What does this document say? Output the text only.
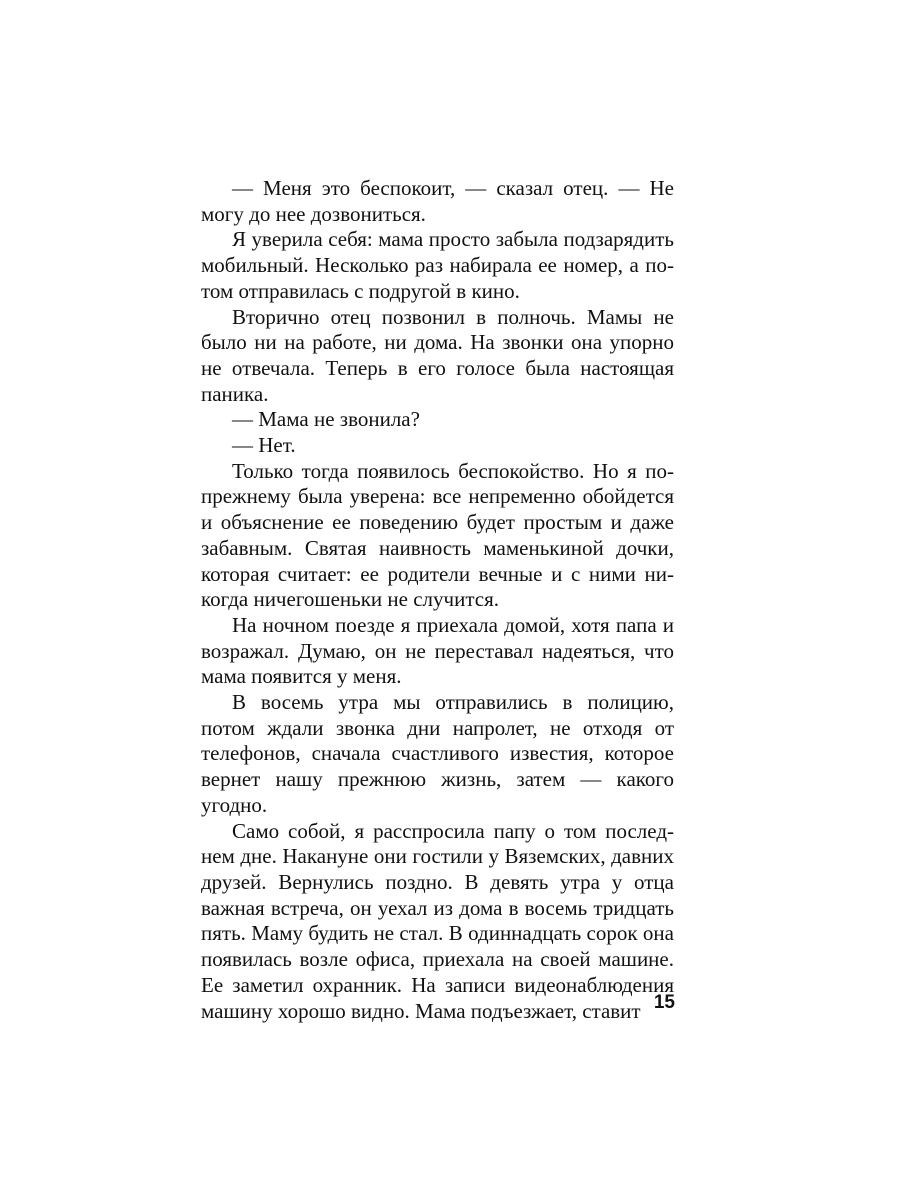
— Меня это беспокоит, — сказал отец. — Не могу до нее дозвониться.

Я уверила себя: мама просто забыла подзарядить мобильный. Несколько раз набирала ее номер, а потом отправилась с подругой в кино.

Вторично отец позвонил в полночь. Мамы не было ни на работе, ни дома. На звонки она упорно не отвечала. Теперь в его голосе была настоящая паника.

— Мама не звонила?

— Нет.

Только тогда появилось беспокойство. Но я попрежнему была уверена: все непременно обойдется и объяснение ее поведению будет простым и даже забавным. Святая наивность маменькиной дочки, которая считает: ее родители вечные и с ними никогда ничегошеньки не случится.

На ночном поезде я приехала домой, хотя папа и возражал. Думаю, он не переставал надеяться, что мама появится у меня.

В восемь утра мы отправились в полицию, потом ждали звонка дни напролет, не отходя от телефонов, сначала счастливого известия, которое вернет нашу прежнюю жизнь, затем — какого угодно.

Само собой, я расспросила папу о том последнем дне. Накануне они гостили у Вяземских, давних друзей. Вернулись поздно. В девять утра у отца важная встреча, он уехал из дома в восемь тридцать пять. Маму будить не стал. В одиннадцать сорок она появилась возле офиса, приехала на своей машине. Ее заметил охранник. На записи видеонаблюдения машину хорошо видно. Мама подъезжает, ставит 15
